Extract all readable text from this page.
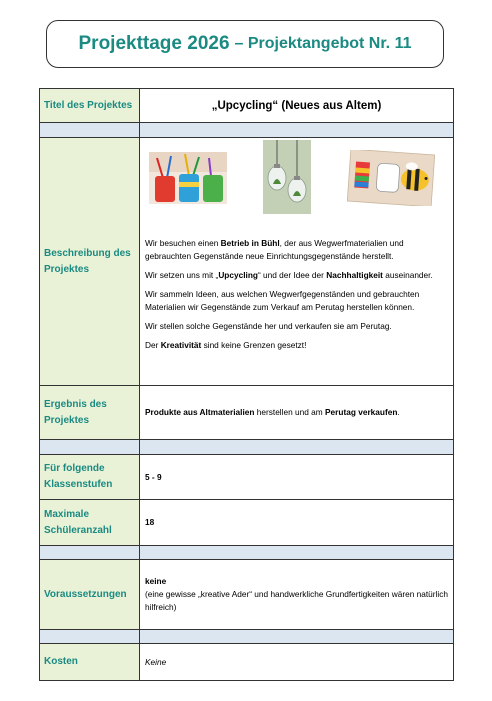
Projekttage 2026 – Projektangebot Nr. 11
Titel des Projektes	„Upcycling“ (Neues aus Altem)

Beschreibung des Projektes	Wir besuchen einen Betrieb in Bühl, der aus Wegwerfmaterialien und gebrauchten Gegenstände neue Einrichtungsgegenstände herstellt.

Wir setzen uns mit „Upcycling“ und der Idee der Nachhaltigkeit auseinander.

Wir sammeln Ideen, aus welchen Wegwerfgegenständen und gebrauchten Materialien wir Gegenstände zum Verkauf am Perutag herstellen können.

Wir stellen solche Gegenstände her und verkaufen sie am Perutag.

Der Kreativität sind keine Grenzen gesetzt!

Ergebnis des Projektes	Produkte aus Altmaterialien herstellen und am Perutag verkaufen.

Für folgende Klassenstufen	5 - 9
Maximale Schüleranzahl	18

Voraussetzungen	keine
(eine gewisse „kreative Ader“ und handwerkliche Grundfertigkeiten wären natürlich hilfreich)

Kosten	Keine
